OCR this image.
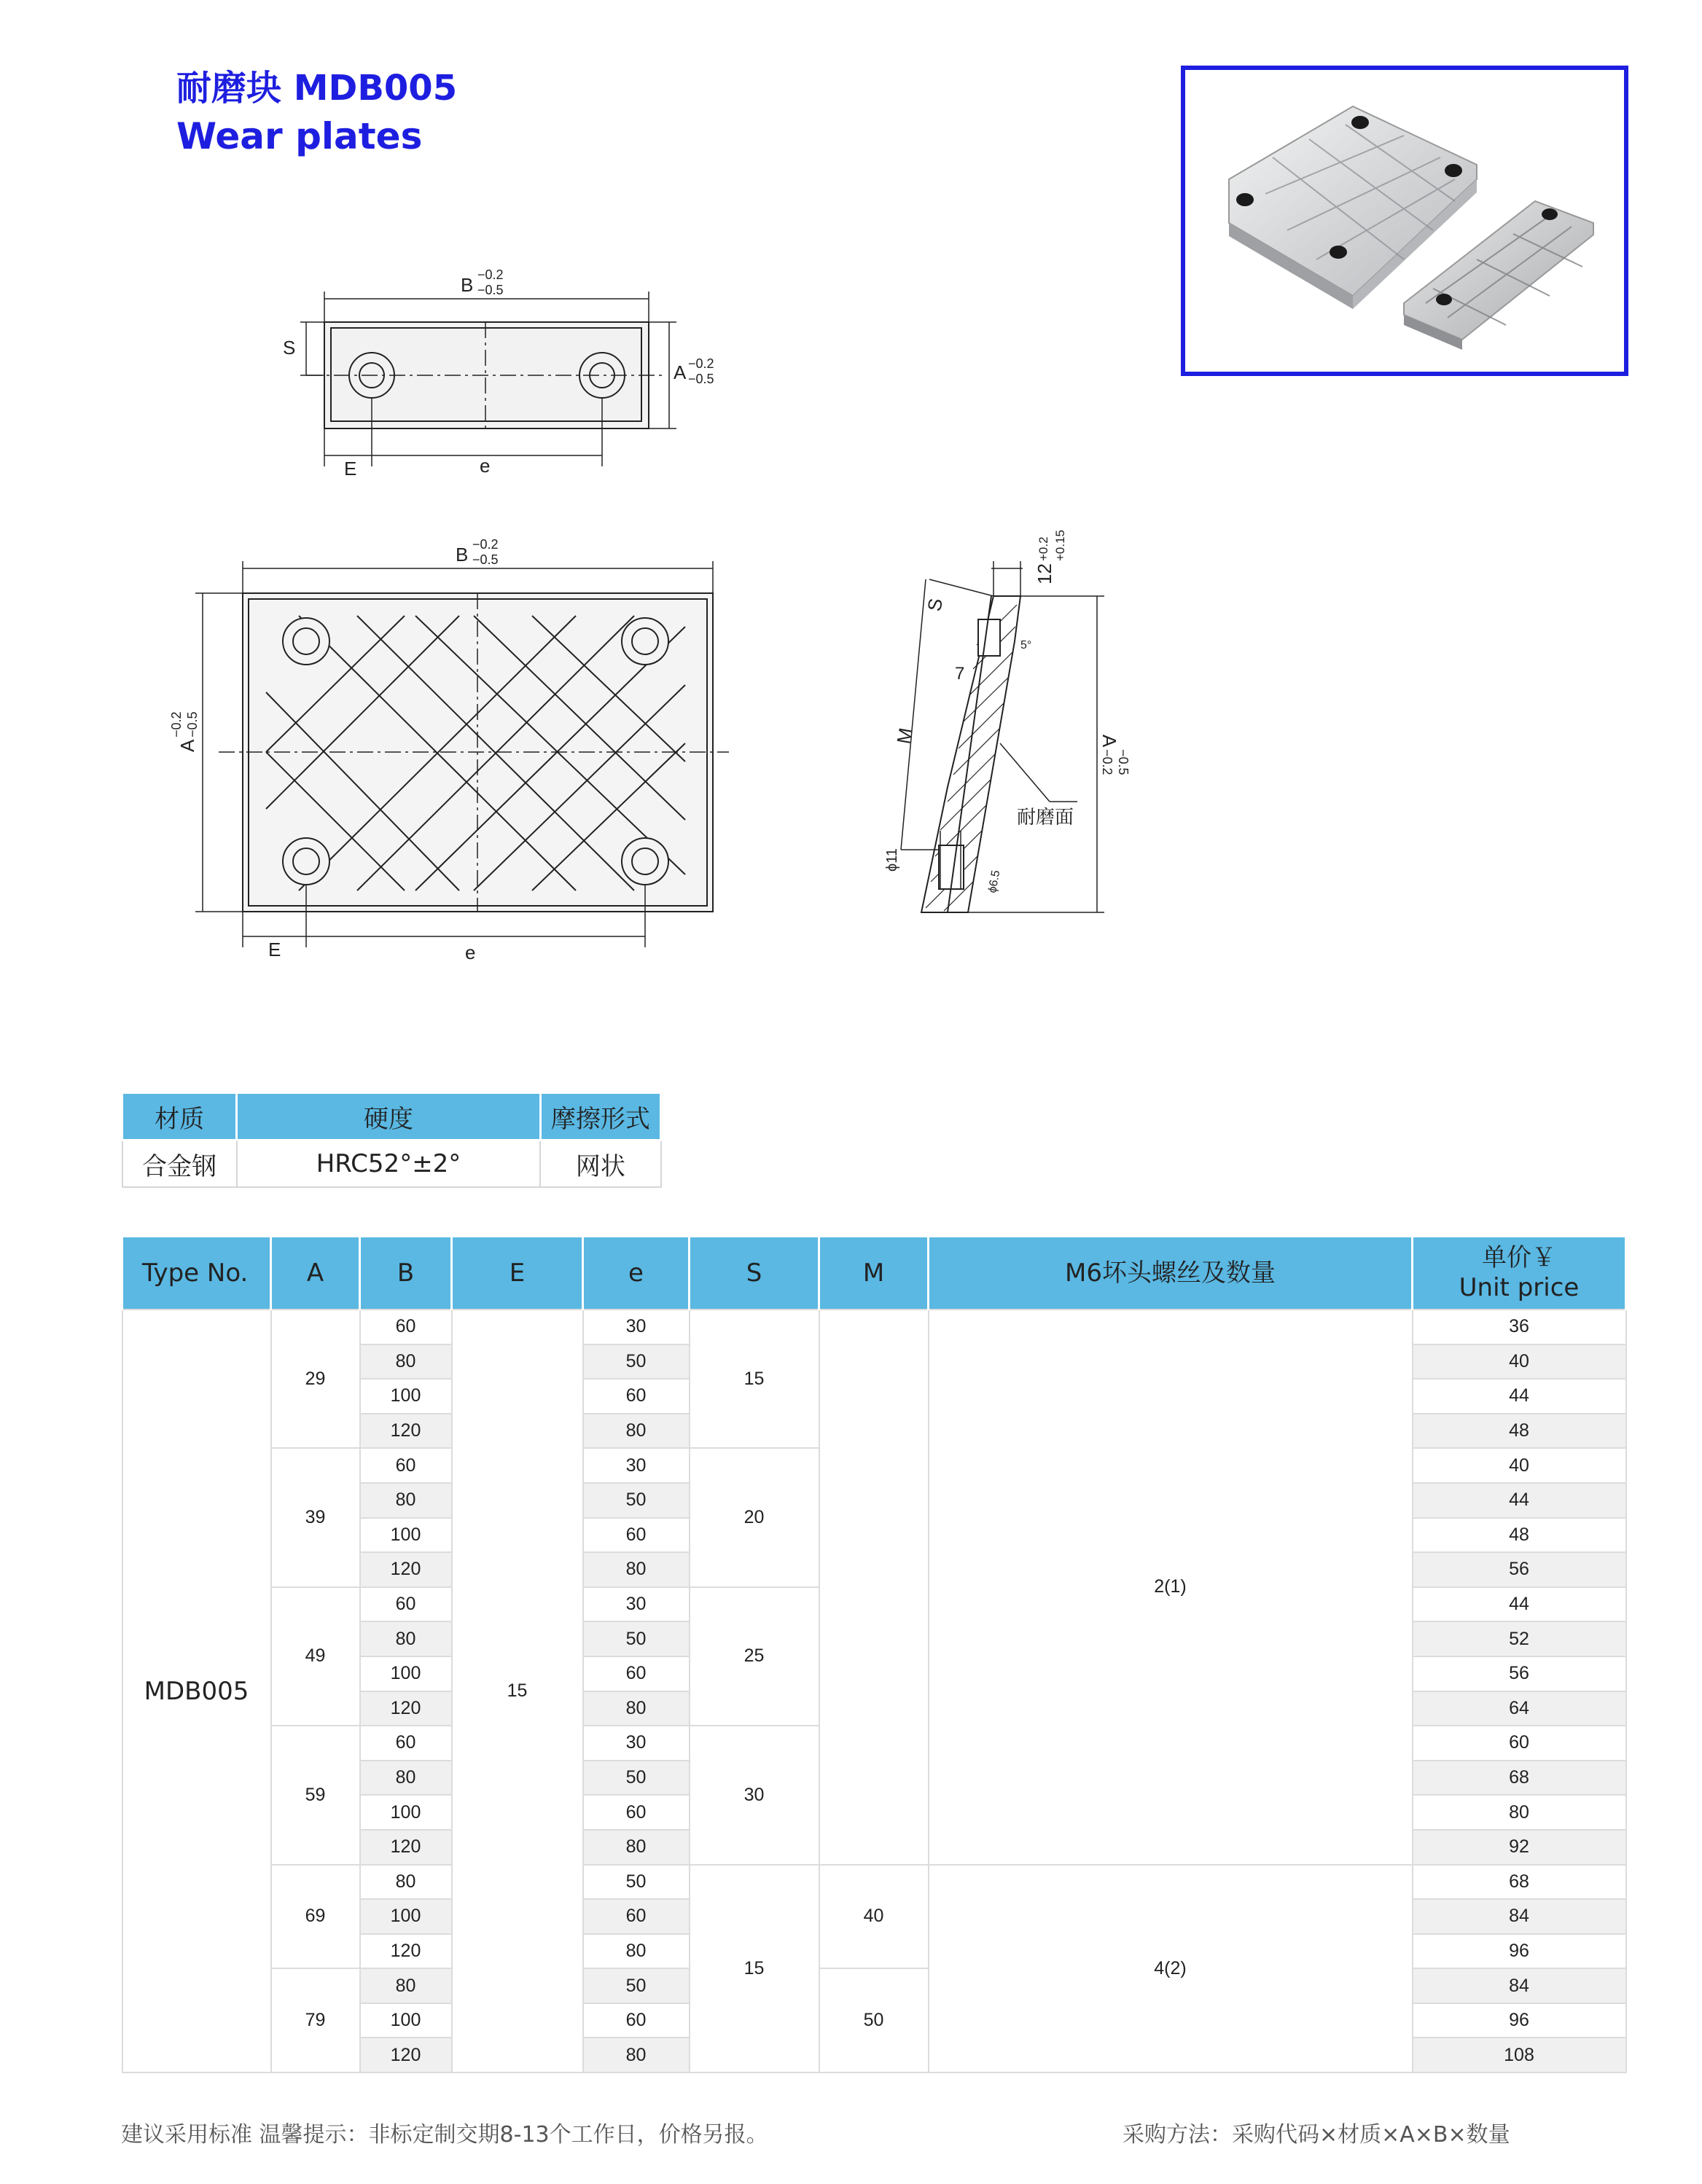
耐磨块 MDB005
Wear plates
B −0.2
−0.5
S
A −0.2
−0.5
E	e
B −0.2
−0.5
A
−0.2 −0.5
E	e
12
+0.2 +0.15
S
5°
7
M	A
−0.2 −0.5
耐磨面
ϕ11
ϕ6.5
材质	硬度	摩擦形式
合金钢	HRC52°±2°	网状
Type No.	A	B	E	e	S	M	M6坏头螺丝及数量	单价￥
Unit price

MDB005	29	60	15	30	15		2(1)	36
		80		50				40
		100		60				44
		120		80				48
	39	60		30	20			40
		80		50				44
		100		60				48
		120		80				56
	49	60		30	25			44
		80		50				52
		100		60				56
		120		80				64
	59	60		30	30			60
		80		50				68
		100		60				80
		120		80				92
	69	80		50	15	40	4(2)	68
		100		60				84
		120		80				96
	79	80		50		50		84
		100		60				96
		120		80				108
建议采用标准 温馨提示：非标定制交期8-13个工作日，价格另报。	采购方法：采购代码×材质×A×B×数量
